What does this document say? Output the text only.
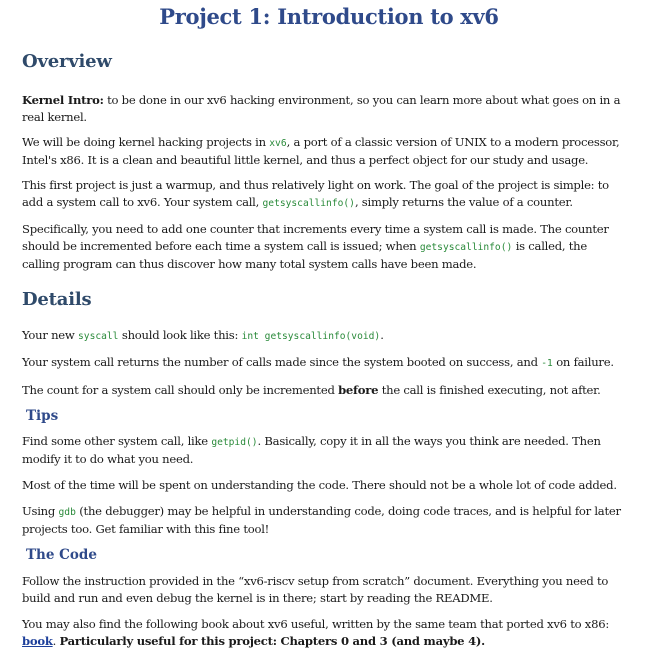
Project 1: Introduction to xv6
Overview

Kernel Intro: to be done in our xv6 hacking environment, so you can learn more about what goes on in a real kernel.

We will be doing kernel hacking projects in xv6, a port of a classic version of UNIX to a modern processor, Intel's x86. It is a clean and beautiful little kernel, and thus a perfect object for our study and usage.

This first project is just a warmup, and thus relatively light on work. The goal of the project is simple: to add a system call to xv6. Your system call, getsyscallinfo(), simply returns the value of a counter.

Specifically, you need to add one counter that increments every time a system call is made. The counter should be incremented before each time a system call is issued; when getsyscallinfo() is called, the calling program can thus discover how many total system calls have been made.

Details

Your new syscall should look like this: int getsyscallinfo(void).

Your system call returns the number of calls made since the system booted on success, and -1 on failure.

The count for a system call should only be incremented before the call is finished executing, not after.

Tips

Find some other system call, like getpid(). Basically, copy it in all the ways you think are needed. Then modify it to do what you need.

Most of the time will be spent on understanding the code. There should not be a whole lot of code added.

Using gdb (the debugger) may be helpful in understanding code, doing code traces, and is helpful for later projects too. Get familiar with this fine tool!

The Code

Follow the instruction provided in the “xv6-riscv setup from scratch” document. Everything you need to build and run and even debug the kernel is in there; start by reading the README.

You may also find the following book about xv6 useful, written by the same team that ported xv6 to x86: book. Particularly useful for this project: Chapters 0 and 3 (and maybe 4).
